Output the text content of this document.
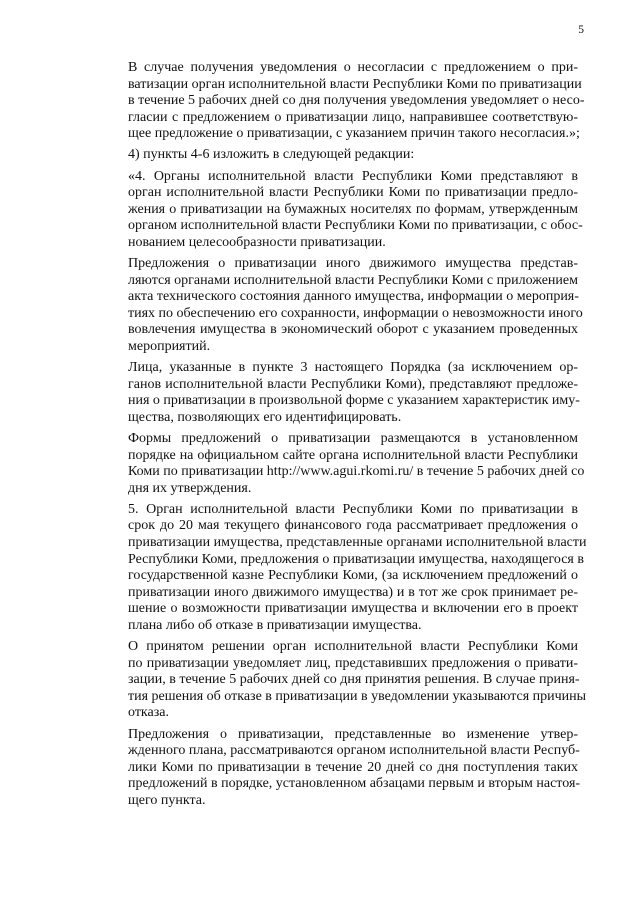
5

В случае получения уведомления о несогласии с предложением о при-
ватизации орган исполнительной власти Республики Коми по приватизации
в течение 5 рабочих дней со дня получения уведомления уведомляет о несо-
гласии с предложением о приватизации лицо, направившее соответствую-
щее предложение о приватизации, с указанием причин такого несогласия.»;

4) пункты 4-6 изложить в следующей редакции:

«4. Органы исполнительной власти Республики Коми представляют в
орган исполнительной власти Республики Коми по приватизации предло-
жения о приватизации на бумажных носителях по формам, утвержденным
органом исполнительной власти Республики Коми по приватизации, с обос-
нованием целесообразности приватизации.

Предложения о приватизации иного движимого имущества представ-
ляются органами исполнительной власти Республики Коми с приложением
акта технического состояния данного имущества, информации о мероприя-
тиях по обеспечению его сохранности, информации о невозможности иного
вовлечения имущества в экономический оборот с указанием проведенных
мероприятий.

Лица, указанные в пункте 3 настоящего Порядка (за исключением ор-
ганов исполнительной власти Республики Коми), представляют предложе-
ния о приватизации в произвольной форме с указанием характеристик иму-
щества, позволяющих его идентифицировать.

Формы предложений о приватизации размещаются в установленном
порядке на официальном сайте органа исполнительной власти Республики
Коми по приватизации http://www.agui.rkomi.ru/ в течение 5 рабочих дней со
дня их утверждения.

5. Орган исполнительной власти Республики Коми по приватизации в
срок до 20 мая текущего финансового года рассматривает предложения о
приватизации имущества, представленные органами исполнительной власти
Республики Коми, предложения о приватизации имущества, находящегося в
государственной казне Республики Коми, (за исключением предложений о
приватизации иного движимого имущества) и в тот же срок принимает ре-
шение о возможности приватизации имущества и включении его в проект
плана либо об отказе в приватизации имущества.

О принятом решении орган исполнительной власти Республики Коми
по приватизации уведомляет лиц, представивших предложения о привати-
зации, в течение 5 рабочих дней со дня принятия решения. В случае приня-
тия решения об отказе в приватизации в уведомлении указываются причины
отказа.

Предложения о приватизации, представленные во изменение утвер-
жденного плана, рассматриваются органом исполнительной власти Респуб-
лики Коми по приватизации в течение 20 дней со дня поступления таких
предложений в порядке, установленном абзацами первым и вторым настоя-
щего пункта.
